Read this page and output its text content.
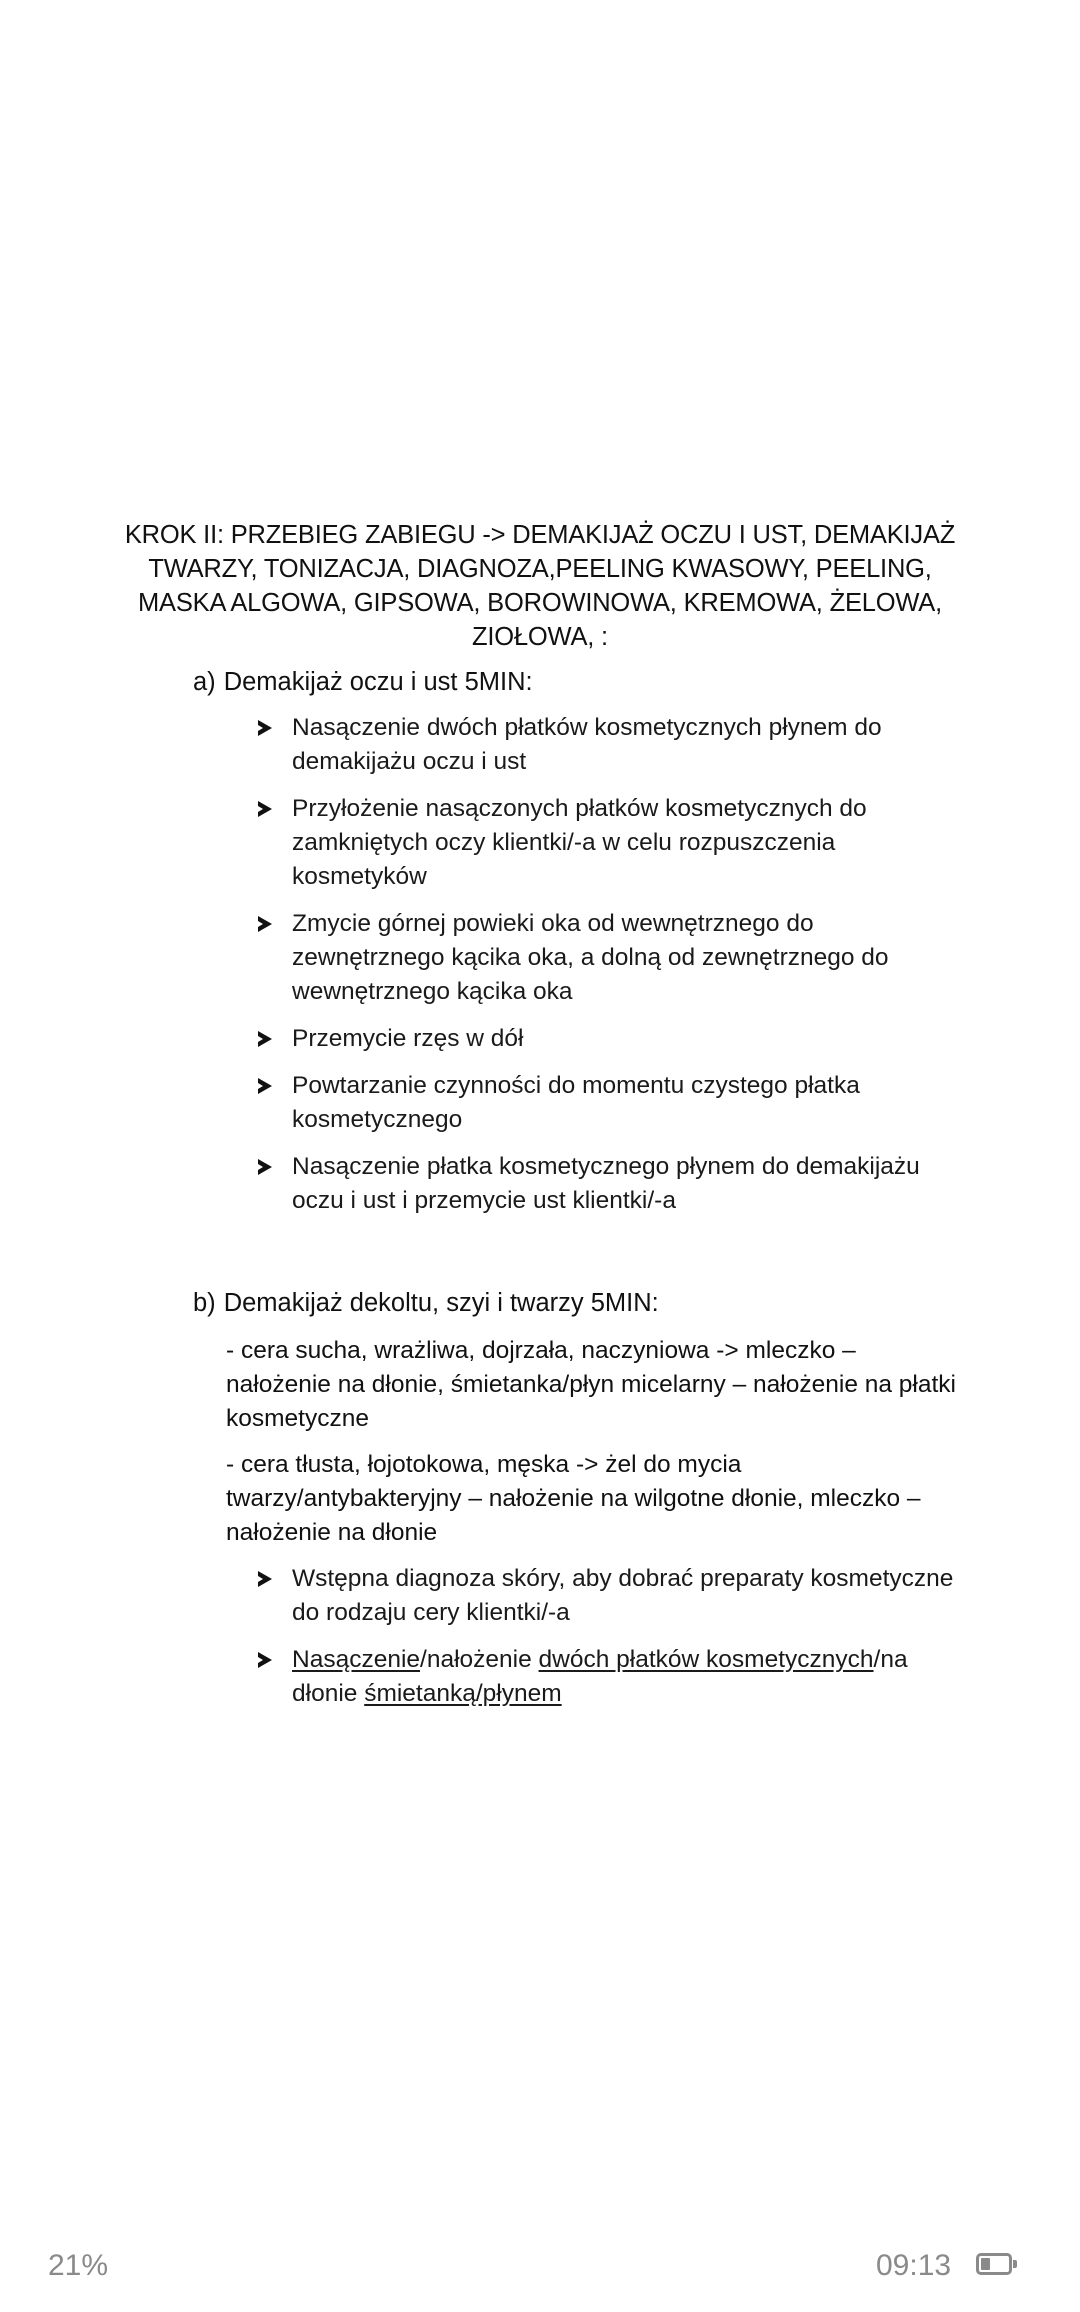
KROK II: PRZEBIEG ZABIEGU -> DEMAKIJAŻ OCZU I UST, DEMAKIJAŻ TWARZY, TONIZACJA, DIAGNOZA,PEELING KWASOWY, PEELING, MASKA ALGOWA, GIPSOWA, BOROWINOWA, KREMOWA, ŻELOWA, ZIOŁOWA, :
a) Demakijaż oczu i ust 5MIN:
Nasączenie dwóch płatków kosmetycznych płynem do demakijażu oczu i ust
Przyłożenie nasączonych płatków kosmetycznych do zamkniętych oczy klientki/-a w celu rozpuszczenia kosmetyków
Zmycie górnej powieki oka od wewnętrznego do zewnętrznego kącika oka, a dolną od zewnętrznego do wewnętrznego kącika oka
Przemycie rzęs w dół
Powtarzanie czynności do momentu czystego płatka kosmetycznego
Nasączenie płatka kosmetycznego płynem do demakijażu oczu i ust i przemycie ust klientki/-a
b) Demakijaż dekoltu, szyi i twarzy 5MIN:
- cera sucha, wrażliwa, dojrzała, naczyniowa -> mleczko – nałożenie na dłonie, śmietanka/płyn micelarny – nałożenie na płatki kosmetyczne
- cera tłusta, łojotokowa, męska -> żel do mycia twarzy/antybakteryjny – nałożenie na wilgotne dłonie, mleczko – nałożenie na dłonie
Wstępna diagnoza skóry, aby dobrać preparaty kosmetyczne do rodzaju cery klientki/-a
Nasączenie/nałożenie dwóch płatków kosmetycznych/na dłonie śmietanką/płynem
21%	09:13
